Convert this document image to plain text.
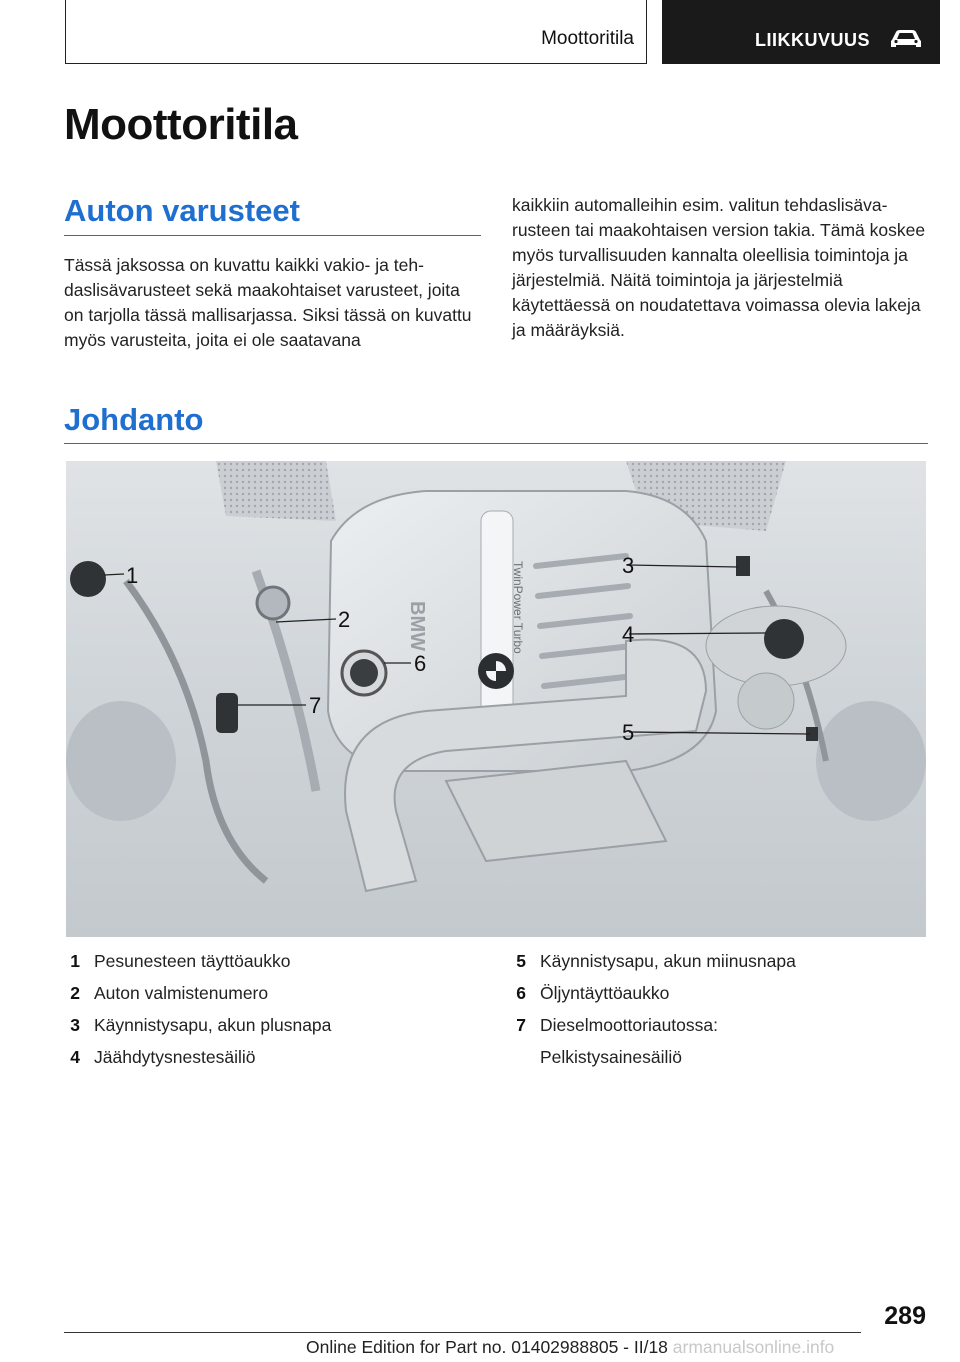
Moottoritila	LIIKKUVUUS
Moottoritila
Auton varusteet
Tässä jaksossa on kuvattu kaikki vakio- ja tehdaslisävarusteet sekä maakohtaiset varusteet, joita on tarjolla tässä mallisarjassa. Siksi tässä on kuvattu myös varusteita, joita ei ole saatavana
kaikkiin automalleihin esim. valitun tehdaslisävarusteen tai maakohtaisen version takia. Tämä koskee myös turvallisuuden kannalta oleellisia toimintoja ja järjestelmiä. Näitä toimintoja ja järjestelmiä käytettäessä on noudatettava voimassa olevia lakeja ja määräyksiä.
Johdanto
TwinPower Turbo
BMW
1
2
3
4
5
6
7
1 Pesunesteen täyttöaukko
2 Auton valmistenumero
3 Käynnistysapu, akun plusnapa
4 Jäähdytysnestesäiliö
5 Käynnistysapu, akun miinusnapa
6 Öljyntäyttöaukko
7 Dieselmoottoriautossa:
Pelkistysainesäiliö
289
Online Edition for Part no. 01402988805 - II/18 armanualsonline.info
